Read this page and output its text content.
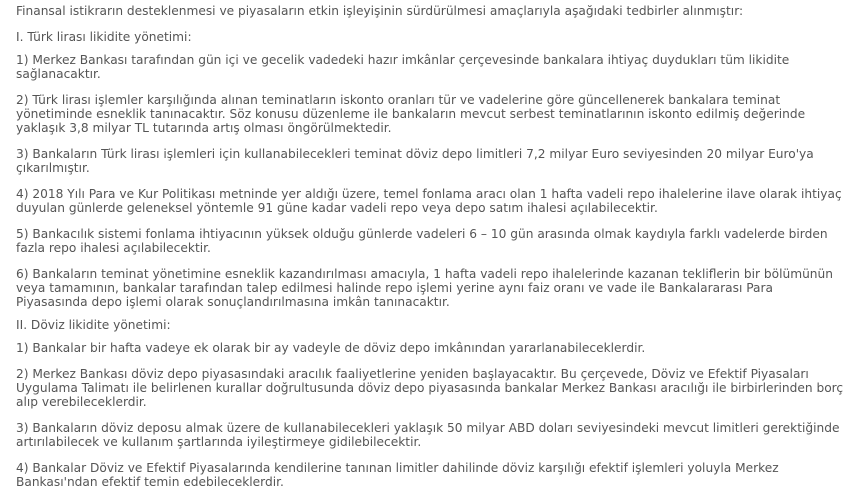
Finansal istikrarın desteklenmesi ve piyasaların etkin işleyişinin sürdürülmesi amaçlarıyla aşağıdaki tedbirler alınmıştır:

I. Türk lirası likidite yönetimi:

1) Merkez Bankası tarafından gün içi ve gecelik vadedeki hazır imkânlar çerçevesinde bankalara ihtiyaç duydukları tüm likidite sağlanacaktır.

2) Türk lirası işlemler karşılığında alınan teminatların iskonto oranları tür ve vadelerine göre güncellenerek bankalara teminat yönetiminde esneklik tanınacaktır. Söz konusu düzenleme ile bankaların mevcut serbest teminatlarının iskonto edilmiş değerinde yaklaşık 3,8 milyar TL tutarında artış olması öngörülmektedir.

3) Bankaların Türk lirası işlemleri için kullanabilecekleri teminat döviz depo limitleri 7,2 milyar Euro seviyesinden 20 milyar Euro'ya çıkarılmıştır.

4) 2018 Yılı Para ve Kur Politikası metninde yer aldığı üzere, temel fonlama aracı olan 1 hafta vadeli repo ihalelerine ilave olarak ihtiyaç duyulan günlerde geleneksel yöntemle 91 güne kadar vadeli repo veya depo satım ihalesi açılabilecektir.

5) Bankacılık sistemi fonlama ihtiyacının yüksek olduğu günlerde vadeleri 6 – 10 gün arasında olmak kaydıyla farklı vadelerde birden fazla repo ihalesi açılabilecektir.

6) Bankaların teminat yönetimine esneklik kazandırılması amacıyla, 1 hafta vadeli repo ihalelerinde kazanan tekliflerin bir bölümünün veya tamamının, bankalar tarafından talep edilmesi halinde repo işlemi yerine aynı faiz oranı ve vade ile Bankalararası Para Piyasasında depo işlemi olarak sonuçlandırılmasına imkân tanınacaktır.

II. Döviz likidite yönetimi:

1) Bankalar bir hafta vadeye ek olarak bir ay vadeyle de döviz depo imkânından yararlanabileceklerdir.

2) Merkez Bankası döviz depo piyasasındaki aracılık faaliyetlerine yeniden başlayacaktır. Bu çerçevede, Döviz ve Efektif Piyasaları Uygulama Talimatı ile belirlenen kurallar doğrultusunda döviz depo piyasasında bankalar Merkez Bankası aracılığı ile birbirlerinden borç alıp verebileceklerdir.

3) Bankaların döviz deposu almak üzere de kullanabilecekleri yaklaşık 50 milyar ABD doları seviyesindeki mevcut limitleri gerektiğinde artırılabilecek ve kullanım şartlarında iyileştirmeye gidilebilecektir.

4) Bankalar Döviz ve Efektif Piyasalarında kendilerine tanınan limitler dahilinde döviz karşılığı efektif işlemleri yoluyla Merkez Bankası'ndan efektif temin edebileceklerdir.
